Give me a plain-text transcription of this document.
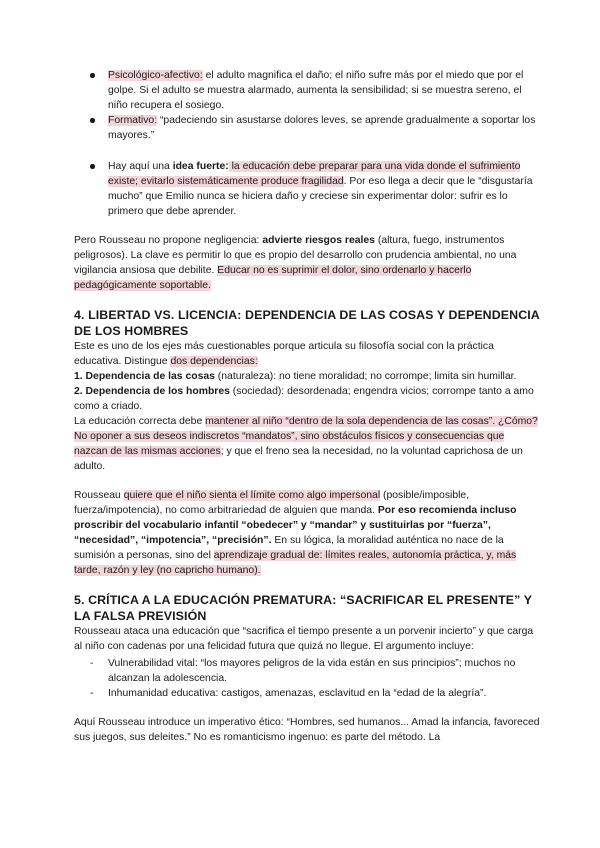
Psicológico-afectivo: el adulto magnifica el daño; el niño sufre más por el miedo que por el golpe. Si el adulto se muestra alarmado, aumenta la sensibilidad; si se muestra sereno, el niño recupera el sosiego.
Formativo: “padeciendo sin asustarse dolores leves, se aprende gradualmente a soportar los mayores.”
Hay aquí una idea fuerte: la educación debe preparar para una vida donde el sufrimiento existe; evitarlo sistemáticamente produce fragilidad. Por eso llega a decir que le “disgustaría mucho” que Emilio nunca se hiciera daño y creciese sin experimentar dolor: sufrir es lo primero que debe aprender.

Pero Rousseau no propone negligencia: advierte riesgos reales (altura, fuego, instrumentos peligrosos). La clave es permitir lo que es propio del desarrollo con prudencia ambiental, no una vigilancia ansiosa que debilite. Educar no es suprimir el dolor, sino ordenarlo y hacerlo pedagógicamente soportable.

4. LIBERTAD VS. LICENCIA: DEPENDENCIA DE LAS COSAS Y DEPENDENCIA DE LOS HOMBRES

Este es uno de los ejes más cuestionables porque articula su filosofía social con la práctica educativa. Distingue dos dependencias:

1. Dependencia de las cosas (naturaleza): no tiene moralidad; no corrompe; limita sin humillar.

2. Dependencia de los hombres (sociedad): desordenada; engendra vicios; corrompe tanto a amo como a criado.

La educación correcta debe mantener al niño “dentro de la sola dependencia de las cosas”. ¿Cómo? No oponer a sus deseos indiscretos “mandatos”, sino obstáculos físicos y consecuencias que nazcan de las mismas acciones; y que el freno sea la necesidad, no la voluntad caprichosa de un adulto.

Rousseau quiere que el niño sienta el límite como algo impersonal (posible/imposible, fuerza/impotencia), no como arbitrariedad de alguien que manda. Por eso recomienda incluso proscribir del vocabulario infantil “obedecer” y “mandar” y sustituirlas por “fuerza”, “necesidad”, “impotencia”, “precisión”. En su lógica, la moralidad auténtica no nace de la sumisión a personas, sino del aprendizaje gradual de: límites reales, autonomía práctica, y, más tarde, razón y ley (no capricho humano).

5. CRÍTICA A LA EDUCACIÓN PREMATURA: “SACRIFICAR EL PRESENTE” Y LA FALSA PREVISIÓN

Rousseau ataca una educación que “sacrifica el tiempo presente a un porvenir incierto” y que carga al niño con cadenas por una felicidad futura que quizá no llegue. El argumento incluye:

- Vulnerabilidad vital: “los mayores peligros de la vida están en sus principios”; muchos no alcanzan la adolescencia.
- Inhumanidad educativa: castigos, amenazas, esclavitud en la “edad de la alegría”.

Aquí Rousseau introduce un imperativo ético: “Hombres, sed humanos... Amad la infancia, favoreced sus juegos, sus deleites.” No es romanticismo ingenuo: es parte del método. La
